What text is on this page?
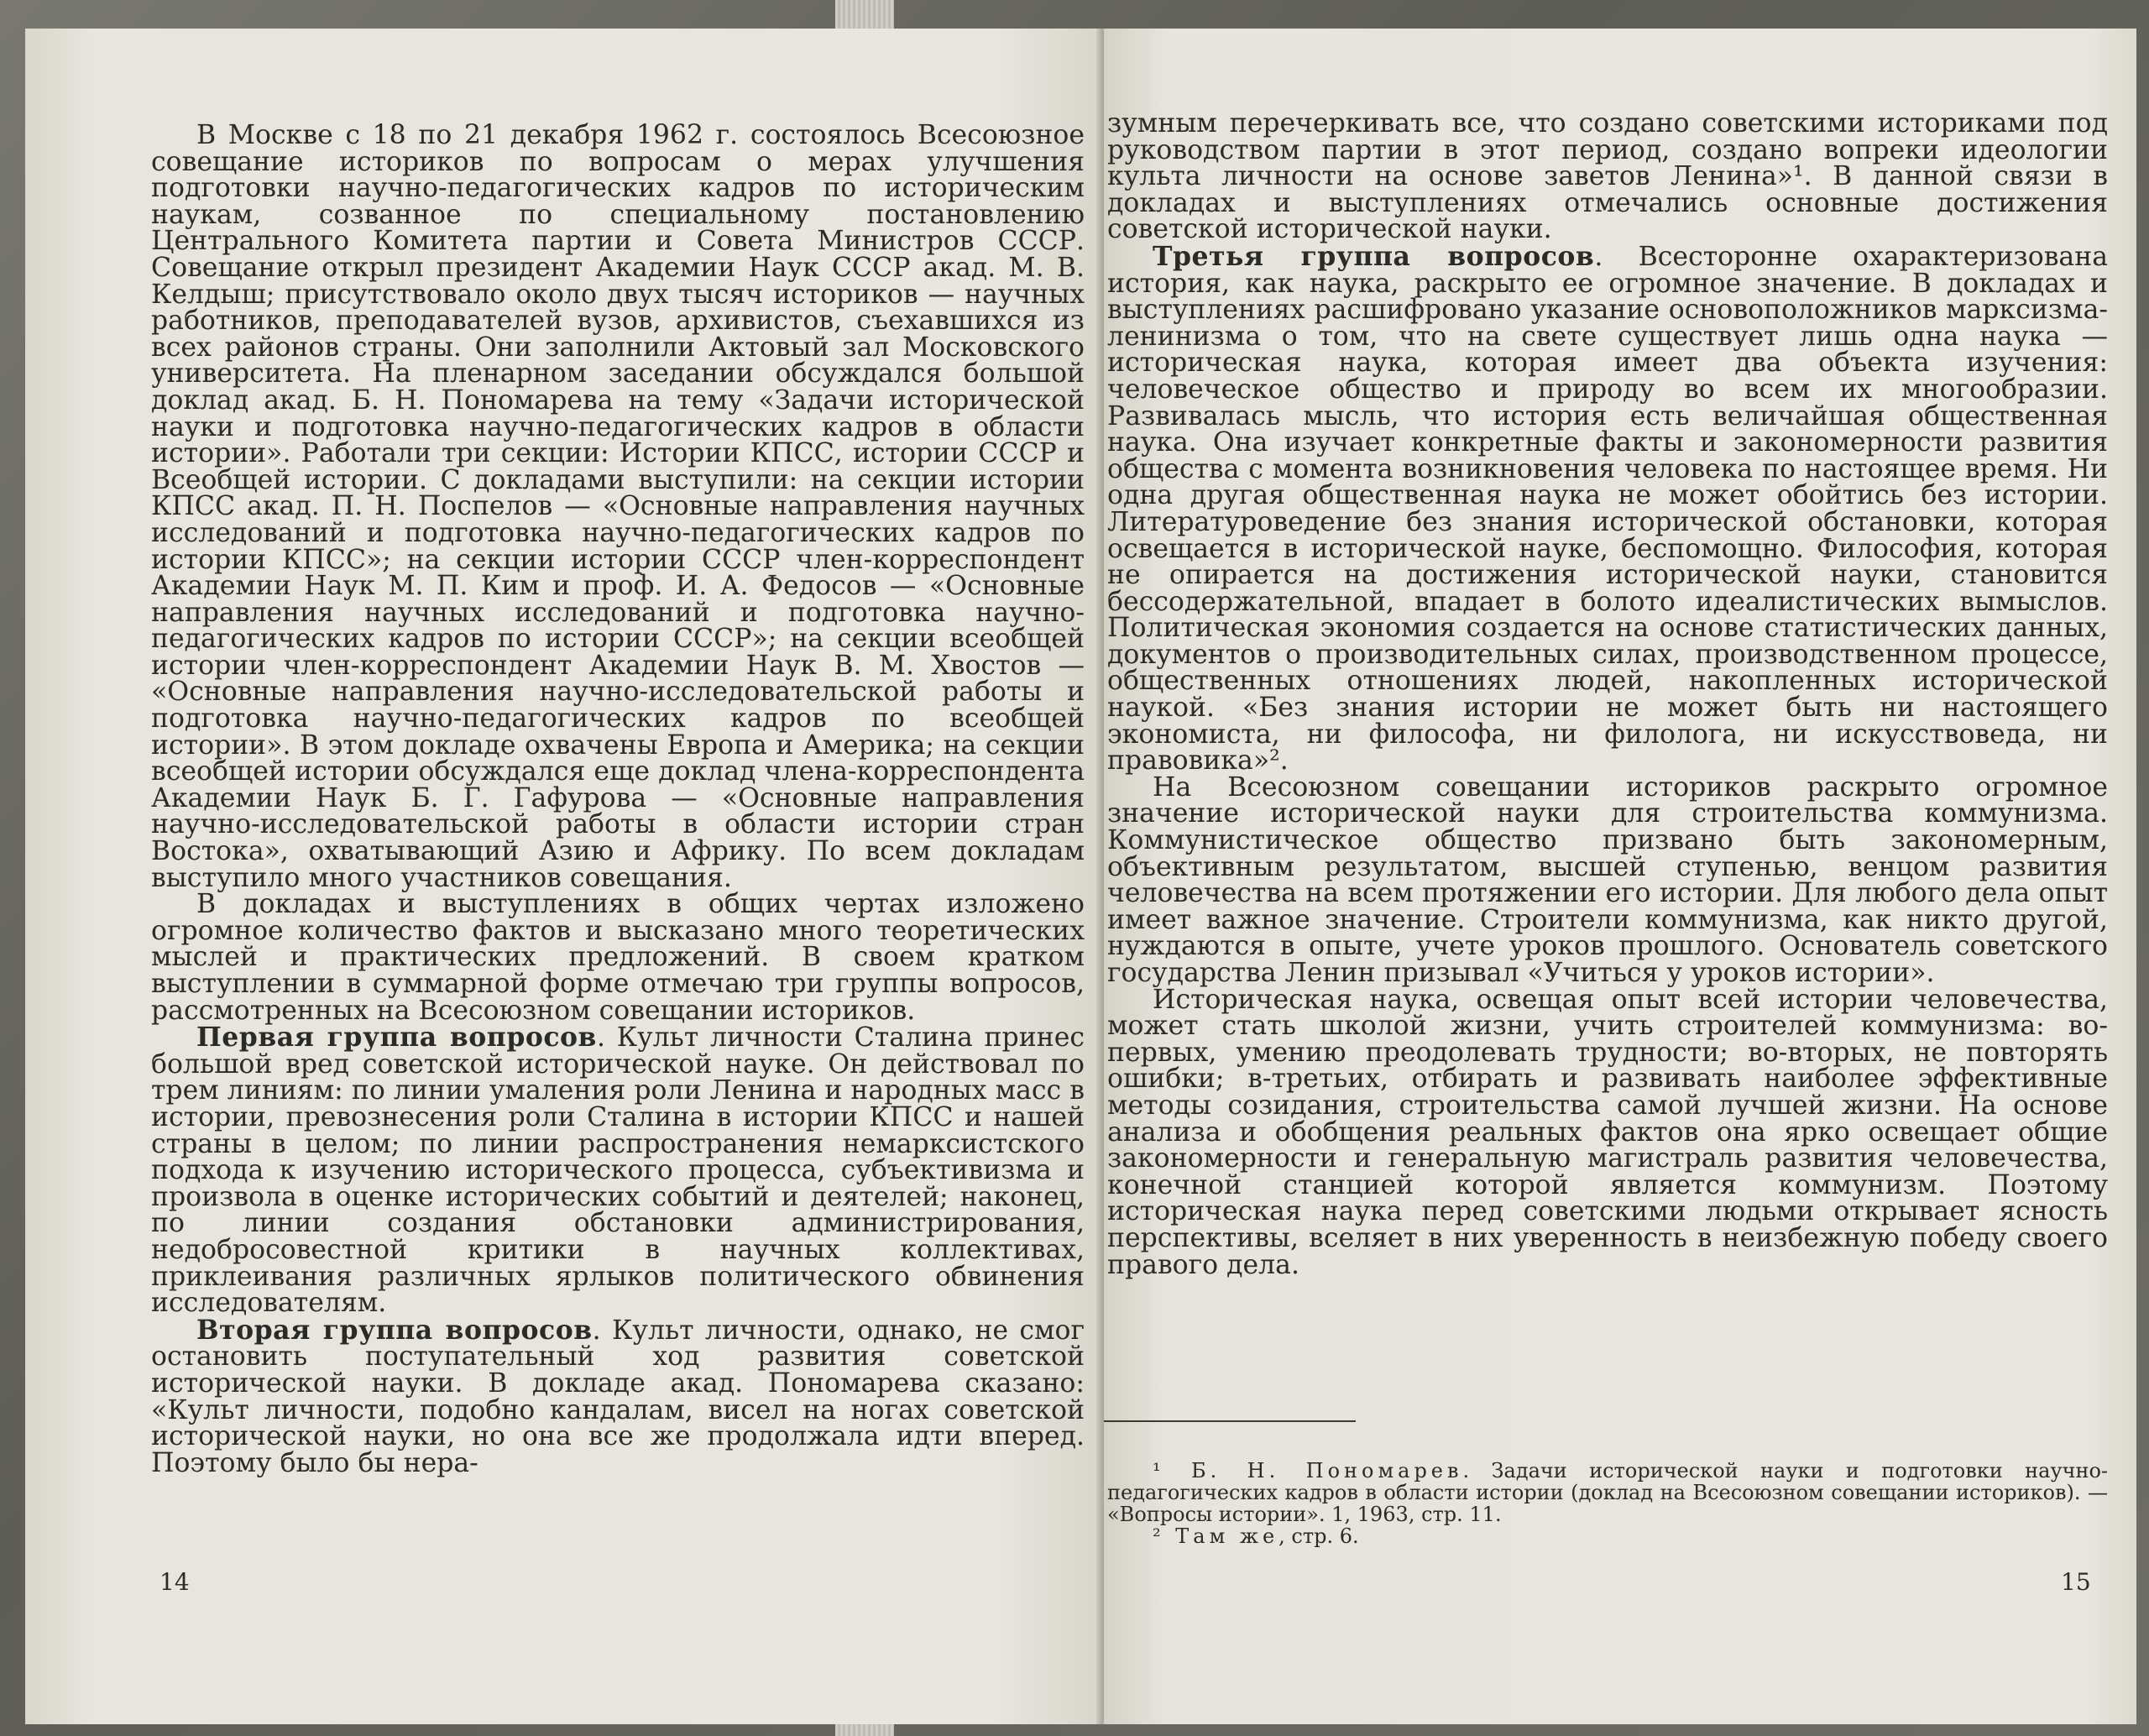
В Москве с 18 по 21 декабря 1962 г. состоялось Всесоюзное совещание историков по вопросам о мерах улучшения подготовки научно-педагогических кадров по историческим наукам, созванное по специальному постановлению Центрального Комитета партии и Совета Министров СССР. Совещание открыл президент Академии Наук СССР акад. М. В. Келдыш; присутствовало около двух тысяч историков — научных работников, преподавателей вузов, архивистов, съехавшихся из всех районов страны. Они заполнили Актовый зал Московского университета. На пленарном заседании обсуждался большой доклад акад. Б. Н. Пономарева на тему «Задачи исторической науки и подготовка научно-педагогических кадров в области истории». Работали три секции: Истории КПСС, истории СССР и Всеобщей истории. С докладами выступили: на секции истории КПСС акад. П. Н. Поспелов — «Основные направления научных исследований и подготовка научно-педагогических кадров по истории КПСС»; на секции истории СССР член-корреспондент Академии Наук М. П. Ким и проф. И. А. Федосов — «Основные направления научных исследований и подготовка научно-педагогических кадров по истории СССР»; на секции всеобщей истории член-корреспондент Академии Наук В. М. Хвостов — «Основные направления научно-исследовательской работы и подготовка научно-педагогических кадров по всеобщей истории». В этом докладе охвачены Европа и Америка; на секции всеобщей истории обсуждался еще доклад члена-корреспондента Академии Наук Б. Г. Гафурова — «Основные направления научно-исследовательской работы в области истории стран Востока», охватывающий Азию и Африку. По всем докладам выступило много участников совещания.

В докладах и выступлениях в общих чертах изложено огромное количество фактов и высказано много теоретических мыслей и практических предложений. В своем кратком выступлении в суммарной форме отмечаю три группы вопросов, рассмотренных на Всесоюзном совещании историков.

Первая группа вопросов. Культ личности Сталина принес большой вред советской исторической науке. Он действовал по трем линиям: по линии умаления роли Ленина и народных масс в истории, превознесения роли Сталина в истории КПСС и нашей страны в целом; по линии распространения немарксистского подхода к изучению исторического процесса, субъективизма и произвола в оценке исторических событий и деятелей; наконец, по линии создания обстановки администрирования, недобросовестной критики в научных коллективах, приклеивания различных ярлыков политического обвинения исследователям.

Вторая группа вопросов. Культ личности, однако, не смог остановить поступательный ход развития советской исторической науки. В докладе акад. Пономарева сказано: «Культ личности, подобно кандалам, висел на ногах советской исторической науки, но она все же продолжала идти вперед. Поэтому было бы нера-

14

зумным перечеркивать все, что создано советскими историками под руководством партии в этот период, создано вопреки идеологии культа личности на основе заветов Ленина»¹. В данной связи в докладах и выступлениях отмечались основные достижения советской исторической науки.

Третья группа вопросов. Всесторонне охарактеризована история, как наука, раскрыто ее огромное значение. В докладах и выступлениях расшифровано указание основоположников марксизма-ленинизма о том, что на свете существует лишь одна наука — историческая наука, которая имеет два объекта изучения: человеческое общество и природу во всем их многообразии. Развивалась мысль, что история есть величайшая общественная наука. Она изучает конкретные факты и закономерности развития общества с момента возникновения человека по настоящее время. Ни одна другая общественная наука не может обойтись без истории. Литературоведение без знания исторической обстановки, которая освещается в исторической науке, беспомощно. Философия, которая не опирается на достижения исторической науки, становится бессодержательной, впадает в болото идеалистических вымыслов. Политическая экономия создается на основе статистических данных, документов о производительных силах, производственном процессе, общественных отношениях людей, накопленных исторической наукой. «Без знания истории не может быть ни настоящего экономиста, ни философа, ни филолога, ни искусствоведа, ни правовика»².

На Всесоюзном совещании историков раскрыто огромное значение исторической науки для строительства коммунизма. Коммунистическое общество призвано быть закономерным, объективным результатом, высшей ступенью, венцом развития человечества на всем протяжении его истории. Для любого дела опыт имеет важное значение. Строители коммунизма, как никто другой, нуждаются в опыте, учете уроков прошлого. Основатель советского государства Ленин призывал «Учиться у уроков истории».

Историческая наука, освещая опыт всей истории человечества, может стать школой жизни, учить строителей коммунизма: во-первых, умению преодолевать трудности; во-вторых, не повторять ошибки; в-третьих, отбирать и развивать наиболее эффективные методы созидания, строительства самой лучшей жизни. На основе анализа и обобщения реальных фактов она ярко освещает общие закономерности и генеральную магистраль развития человечества, конечной станцией которой является коммунизм. Поэтому историческая наука перед советскими людьми открывает ясность перспективы, вселяет в них уверенность в неизбежную победу своего правого дела.

¹ Б. Н. Пономарев. Задачи исторической науки и подготовки научно-педагогических кадров в области истории (доклад на Всесоюзном совещании историков). — «Вопросы истории». 1, 1963, стр. 11.

² Там же, стр. 6.

15
